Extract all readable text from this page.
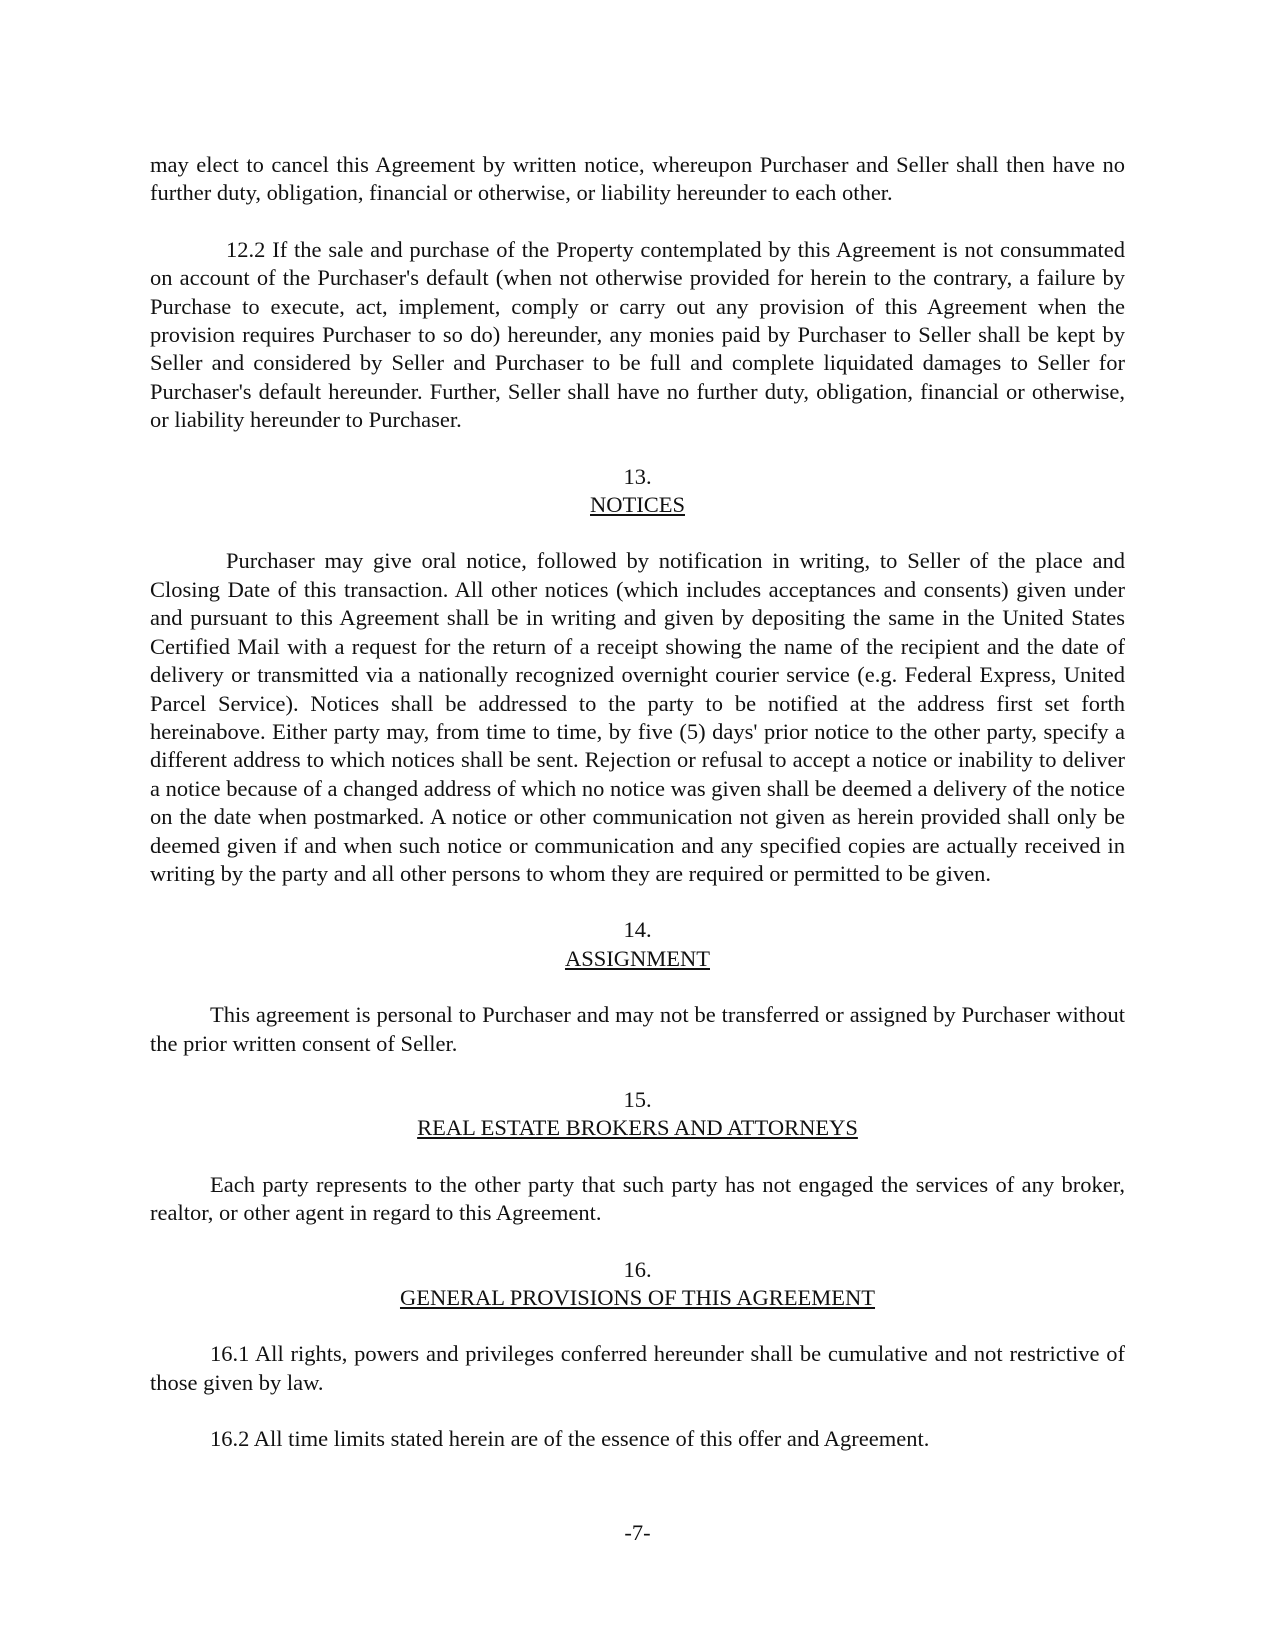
may elect to cancel this Agreement by written notice, whereupon Purchaser and Seller shall then have no further duty, obligation, financial or otherwise, or liability hereunder to each other.

12.2 If the sale and purchase of the Property contemplated by this Agreement is not consummated on account of the Purchaser's default (when not otherwise provided for herein to the contrary, a failure by Purchase to execute, act, implement, comply or carry out any provision of this Agreement when the provision requires Purchaser to so do) hereunder, any monies paid by Purchaser to Seller shall be kept by Seller and considered by Seller and Purchaser to be full and complete liquidated damages to Seller for Purchaser's default hereunder. Further, Seller shall have no further duty, obligation, financial or otherwise, or liability hereunder to Purchaser.

13.
NOTICES

Purchaser may give oral notice, followed by notification in writing, to Seller of the place and Closing Date of this transaction. All other notices (which includes acceptances and consents) given under and pursuant to this Agreement shall be in writing and given by depositing the same in the United States Certified Mail with a request for the return of a receipt showing the name of the recipient and the date of delivery or transmitted via a nationally recognized overnight courier service (e.g. Federal Express, United Parcel Service). Notices shall be addressed to the party to be notified at the address first set forth hereinabove. Either party may, from time to time, by five (5) days' prior notice to the other party, specify a different address to which notices shall be sent. Rejection or refusal to accept a notice or inability to deliver a notice because of a changed address of which no notice was given shall be deemed a delivery of the notice on the date when postmarked. A notice or other communication not given as herein provided shall only be deemed given if and when such notice or communication and any specified copies are actually received in writing by the party and all other persons to whom they are required or permitted to be given.

14.
ASSIGNMENT

This agreement is personal to Purchaser and may not be transferred or assigned by Purchaser without the prior written consent of Seller.

15.
REAL ESTATE BROKERS AND ATTORNEYS

Each party represents to the other party that such party has not engaged the services of any broker, realtor, or other agent in regard to this Agreement.

16.
GENERAL PROVISIONS OF THIS AGREEMENT

16.1 All rights, powers and privileges conferred hereunder shall be cumulative and not restrictive of those given by law.

16.2 All time limits stated herein are of the essence of this offer and Agreement.

-7-
